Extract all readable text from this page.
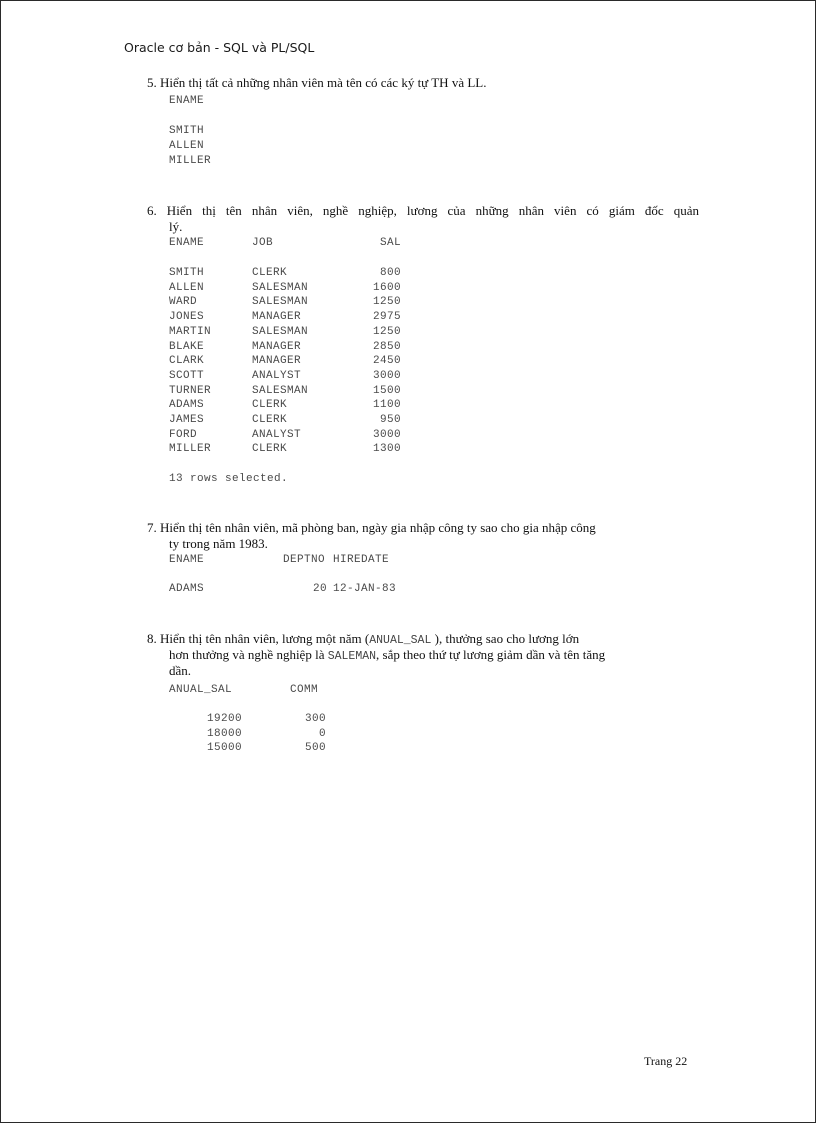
Oracle cơ bản - SQL và PL/SQL
5. Hiển thị tất cả những nhân viên mà tên có các ký tự TH và LL.
ENAME
SMITH
ALLEN
MILLER
6. Hiển thị tên nhân viên, nghề nghiệp, lương của những nhân viên có giám đốc quản
lý.
ENAME	JOB	SAL
SMITH	CLERK	800
ALLEN	SALESMAN	1600
WARD	SALESMAN	1250
JONES	MANAGER	2975
MARTIN	SALESMAN	1250
BLAKE	MANAGER	2850
CLARK	MANAGER	2450
SCOTT	ANALYST	3000
TURNER	SALESMAN	1500
ADAMS	CLERK	1100
JAMES	CLERK	950
FORD	ANALYST	3000
MILLER	CLERK	1300
13 rows selected.
7. Hiển thị tên nhân viên, mã phòng ban, ngày gia nhập công ty sao cho gia nhập công
ty trong năm 1983.
ENAME	DEPTNO HIREDATE
ADAMS	20 12-JAN-83
8. Hiển thị tên nhân viên, lương một năm (ANUAL_SAL ), thưởng sao cho lương lớn
hơn thưởng và nghề nghiệp là SALEMAN, sắp theo thứ tự lương giảm dần và tên tăng
dần.
ANUAL_SAL	COMM
19200	300
18000	0
15000	500
Trang 22
